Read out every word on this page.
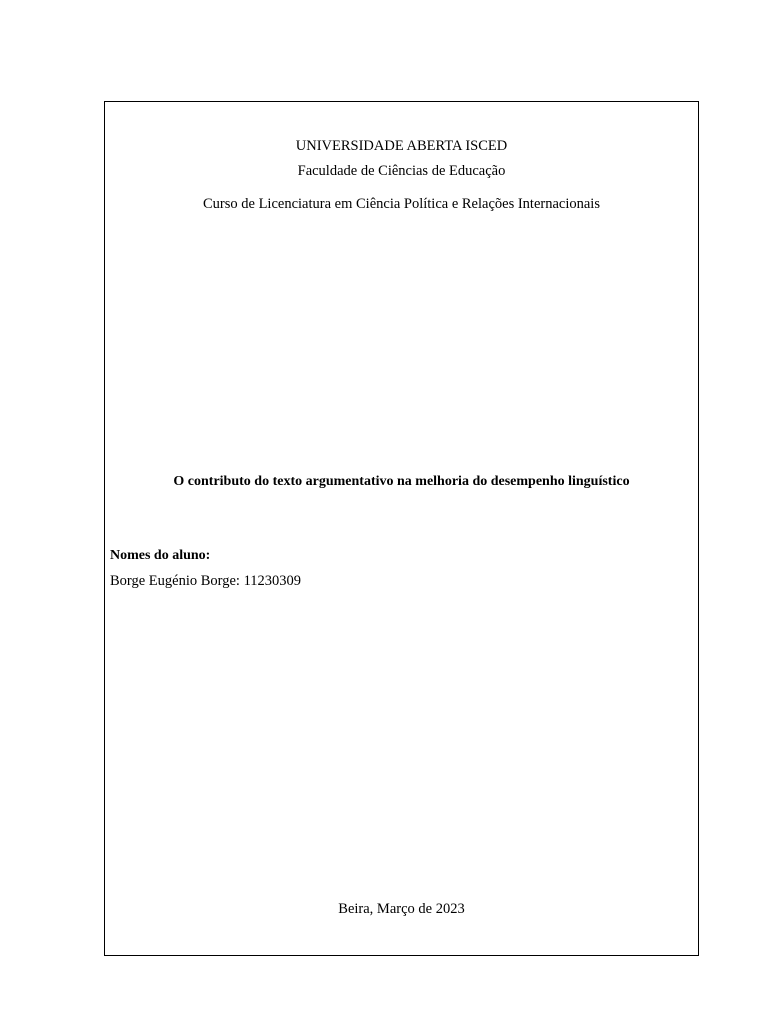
UNIVERSIDADE ABERTA ISCED
Faculdade de Ciências de Educação
Curso de Licenciatura em Ciência Política e Relações Internacionais
O contributo do texto argumentativo na melhoria do desempenho linguístico
Nomes do aluno:
Borge Eugénio Borge: 11230309
Beira, Março de 2023
